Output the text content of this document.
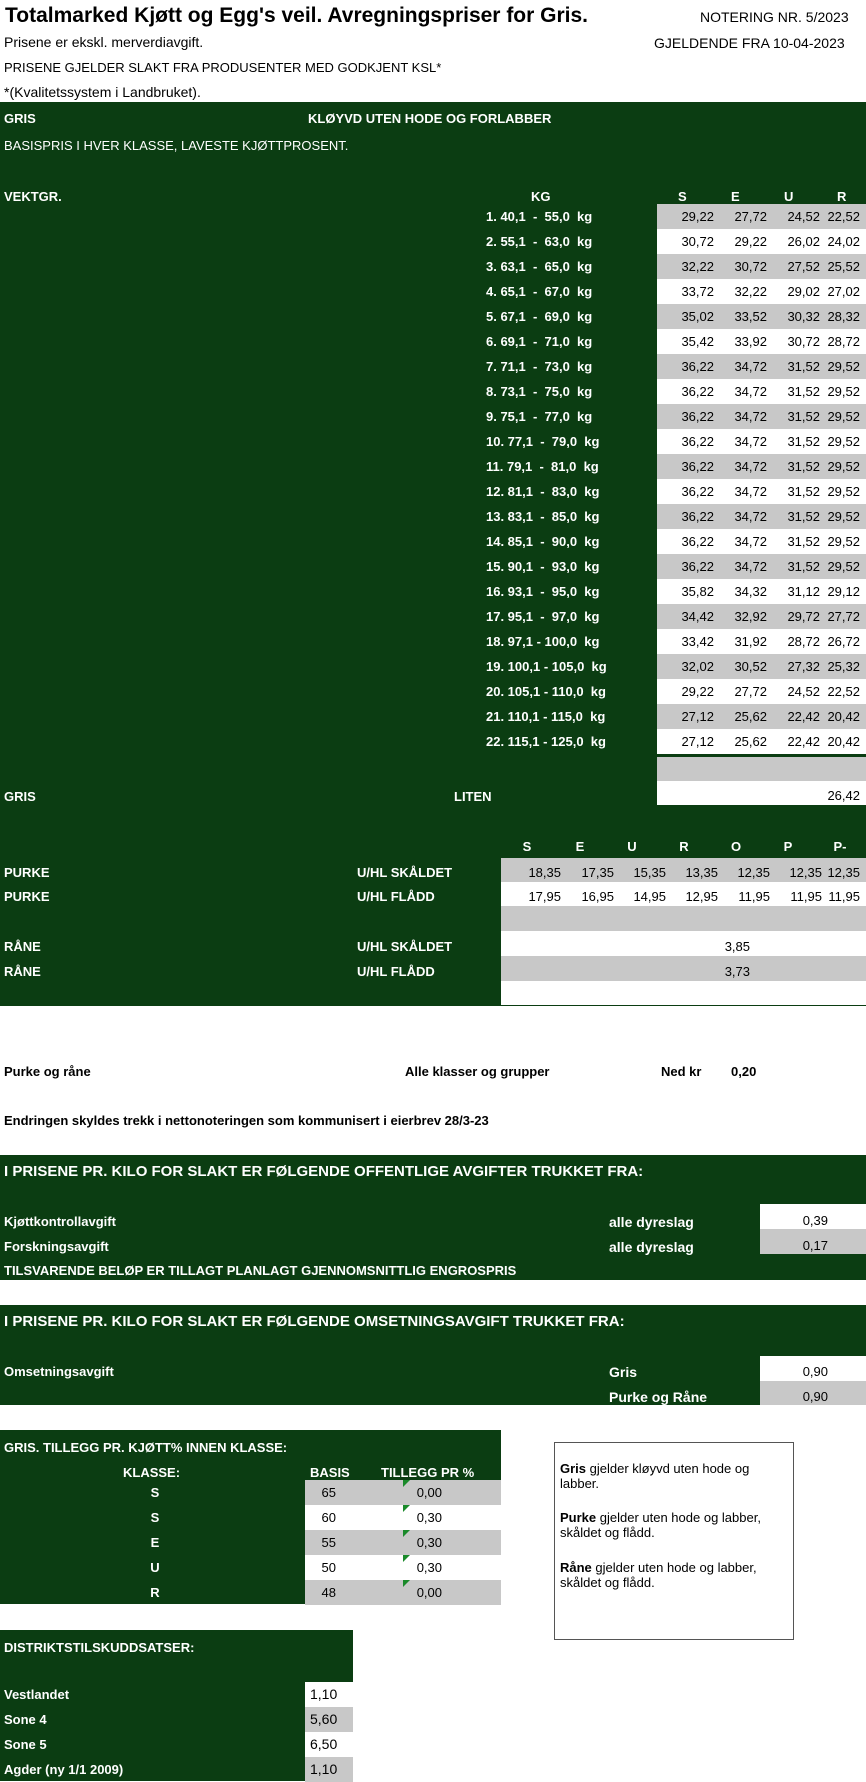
Totalmarked Kjøtt og Egg's veil. Avregningspriser for Gris.	NOTERING NR. 5/2023
Prisene er ekskl. merverdiavgift.	GJELDENDE FRA 10-04-2023
PRISENE GJELDER SLAKT FRA PRODUSENTER MED GODKJENT KSL*
*(Kvalitetssystem i Landbruket).
GRIS	KLØYVD UTEN HODE OG FORLABBER
BASISPRIS I HVER KLASSE, LAVESTE KJØTTPROSENT.
VEKTGR.	KG	S	E	U	R
1. 40,1  -  55,0  kg	29,22	27,72	24,52 22,52
2. 55,1  -  63,0  kg	30,72	29,22	26,02 24,02
3. 63,1  -  65,0  kg	32,22	30,72	27,52 25,52
4. 65,1  -  67,0  kg	33,72	32,22	29,02 27,02
5. 67,1  -  69,0  kg	35,02	33,52	30,32 28,32
6. 69,1  -  71,0  kg	35,42	33,92	30,72 28,72
7. 71,1  -  73,0  kg	36,22	34,72	31,52 29,52
8. 73,1  -  75,0  kg	36,22	34,72	31,52 29,52
9. 75,1  -  77,0  kg	36,22	34,72	31,52 29,52
10. 77,1  -  79,0  kg	36,22	34,72	31,52 29,52
11. 79,1  -  81,0  kg	36,22	34,72	31,52 29,52
12. 81,1  -  83,0  kg	36,22	34,72	31,52 29,52
13. 83,1  -  85,0  kg	36,22	34,72	31,52 29,52
14. 85,1  -  90,0  kg	36,22	34,72	31,52 29,52
15. 90,1  -  93,0  kg	36,22	34,72	31,52 29,52
16. 93,1  -  95,0  kg	35,82	34,32	31,12 29,12
17. 95,1  -  97,0  kg	34,42	32,92	29,72 27,72
18. 97,1 - 100,0  kg	33,42	31,92	28,72 26,72
19. 100,1 - 105,0  kg	32,02	30,52	27,32 25,32
20. 105,1 - 110,0  kg	29,22	27,72	24,52 22,52
21. 110,1 - 115,0  kg	27,12	25,62	22,42 20,42
22. 115,1 - 125,0  kg	27,12	25,62	22,42 20,42
GRIS	LITEN	26,42
S	E	U	R	O	P	P-
PURKE	U/HL SKÅLDET	18,35	17,35	15,35	13,35	12,35	12,35 12,35
PURKE	U/HL FLÅDD	17,95	16,95	14,95	12,95	11,95	11,95 11,95
RÅNE	U/HL SKÅLDET	3,85
RÅNE	U/HL FLÅDD	3,73
ENDRINGER FRA 10.04.2023
Purke og råne	Alle klasser og grupper	Ned kr 0,20
Endringen skyldes trekk i nettonoteringen som kommunisert i eierbrev 28/3-23
I PRISENE PR. KILO FOR SLAKT ER FØLGENDE OFFENTLIGE AVGIFTER TRUKKET FRA:
Kjøttkontrollavgift	alle dyreslag	0,39
Forskningsavgift	alle dyreslag	0,17
TILSVARENDE BELØP ER TILLAGT PLANLAGT GJENNOMSNITTLIG ENGROSPRIS
I PRISENE PR. KILO FOR SLAKT ER FØLGENDE OMSETNINGSAVGIFT TRUKKET FRA:
Omsetningsavgift	Gris	0,90
Purke og Råne	0,90
GRIS. TILLEGG PR. KJØTT% INNEN KLASSE:
KLASSE:	BASIS TILLEGG PR %
S	65	0,00
S	60	0,30
E	55	0,30
U	50	0,30
R	48	0,00
Gris gjelder kløyvd uten hode og labber.
Purke gjelder uten hode og labber, skåldet og flådd.
Råne gjelder uten hode og labber, skåldet og flådd.
DISTRIKTSTILSKUDDSATSER:
Vestlandet	1,10
Sone 4	5,60
Sone 5	6,50
Agder (ny 1/1 2009)	1,10
